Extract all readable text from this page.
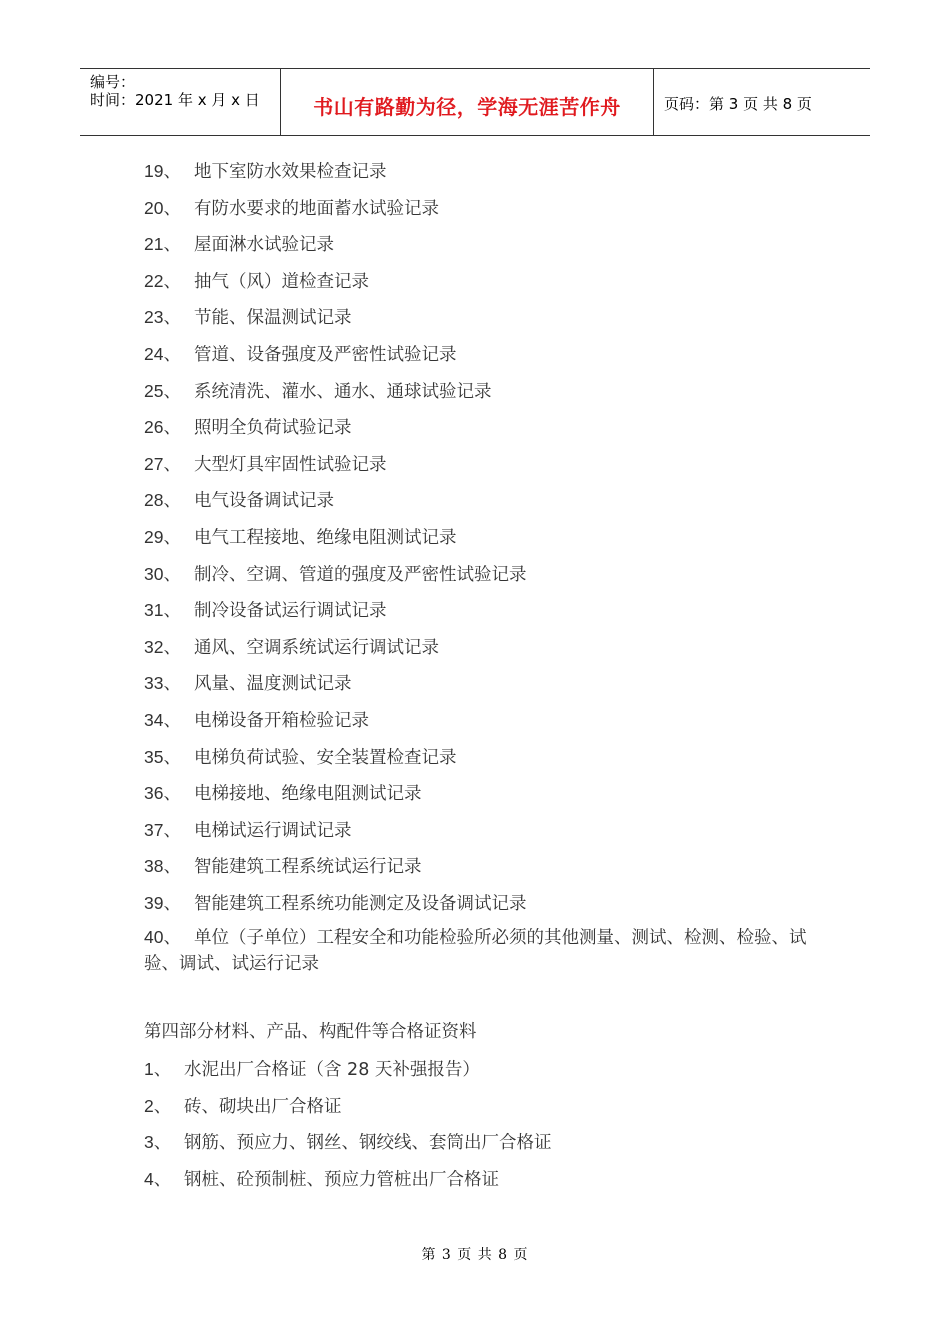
编号：
时间：2021 年 x 月 x 日	书山有路勤为径，学海无涯苦作舟	页码：第 3 页 共 8 页
19、 地下室防水效果检查记录
20、 有防水要求的地面蓄水试验记录
21、 屋面淋水试验记录
22、 抽气（风）道检查记录
23、 节能、保温测试记录
24、 管道、设备强度及严密性试验记录
25、 系统清洗、灌水、通水、通球试验记录
26、 照明全负荷试验记录
27、 大型灯具牢固性试验记录
28、 电气设备调试记录
29、 电气工程接地、绝缘电阻测试记录
30、 制冷、空调、管道的强度及严密性试验记录
31、 制冷设备试运行调试记录
32、 通风、空调系统试运行调试记录
33、 风量、温度测试记录
34、 电梯设备开箱检验记录
35、 电梯负荷试验、安全装置检查记录
36、 电梯接地、绝缘电阻测试记录
37、 电梯试运行调试记录
38、 智能建筑工程系统试运行记录
39、 智能建筑工程系统功能测定及设备调试记录
40、 单位（子单位）工程安全和功能检验所必须的其他测量、测试、检测、检验、试验、调试、试运行记录
第四部分材料、产品、构配件等合格证资料
1、 水泥出厂合格证（含 28 天补强报告）
2、 砖、砌块出厂合格证
3、 钢筋、预应力、钢丝、钢绞线、套筒出厂合格证
4、 钢桩、砼预制桩、预应力管桩出厂合格证
第 3 页 共 8 页
